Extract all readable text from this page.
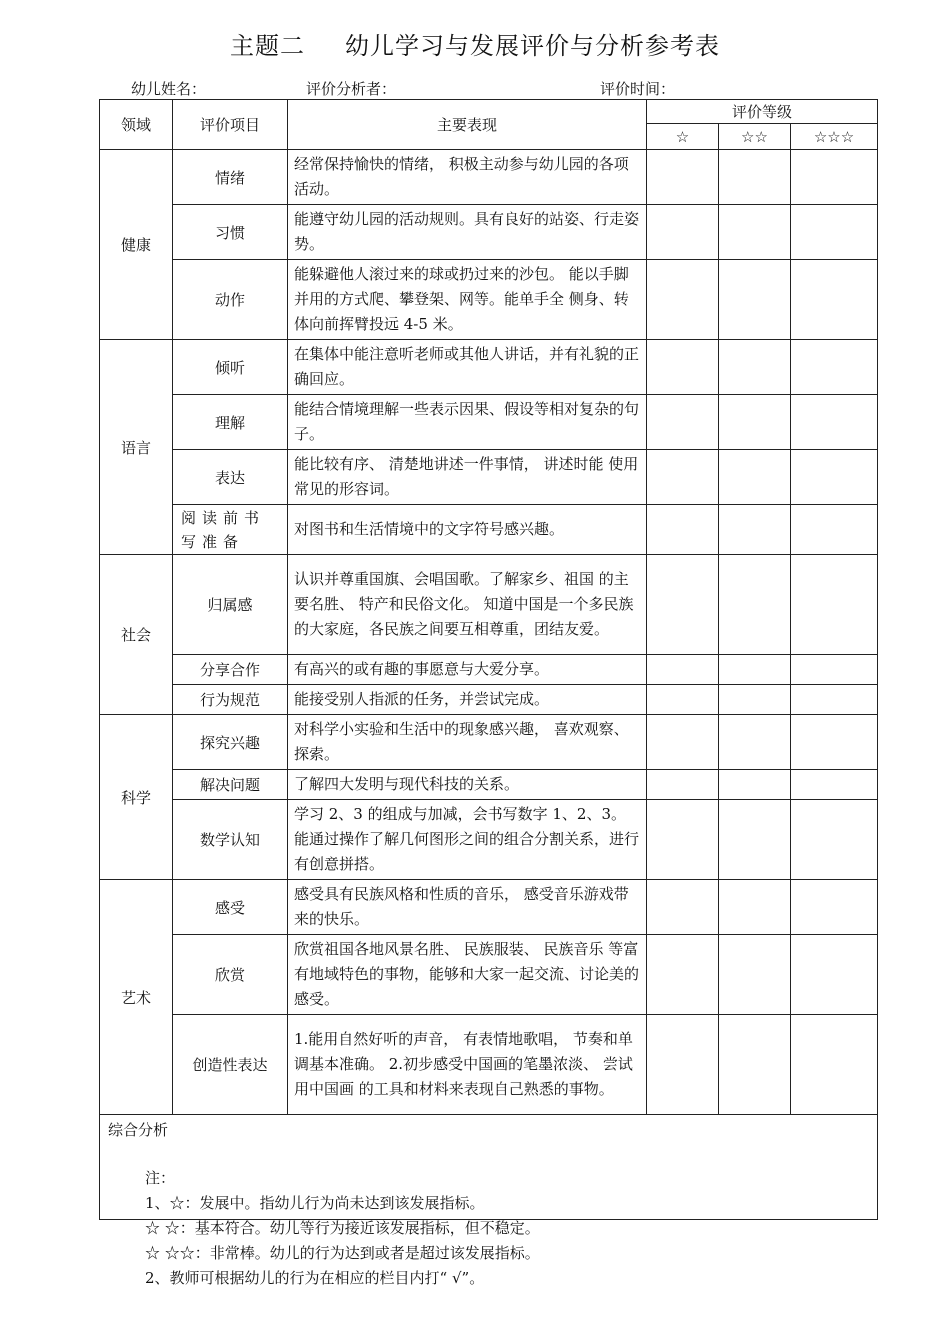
主题二 幼儿学习与发展评价与分析参考表
幼儿姓名：	评价分析者：	评价时间：
领域	评价项目	主要表现	评价等级		
			☆	☆☆	☆☆☆
健康	情绪	经常保持愉快的情绪， 积极主动参与幼儿园的各项活动。			
	习惯	能遵守幼儿园的活动规则。具有良好的站姿、行走姿势。			
	动作	能躲避他人滚过来的球或扔过来的沙包。 能以手脚并用的方式爬、攀登架、网等。能单手全 侧身、转体向前挥臂投远 4-5 米。			
语言	倾听	在集体中能注意听老师或其他人讲话，并有礼貌的正确回应。			
	理解	能结合情境理解一些表示因果、假设等相对复杂的句子。			
	表达	能比较有序、 清楚地讲述一件事情， 讲述时能 使用常见的形容词。			
	阅读前书写准备	对图书和生活情境中的文字符号感兴趣。			
社会	归属感	认识并尊重国旗、会唱国歌。了解家乡、祖国 的主要名胜、 特产和民俗文化。 知道中国是一个多民族的大家庭，各民族之间要互相尊重，团结友爱。			
	分享合作	有高兴的或有趣的事愿意与大爱分享。			
	行为规范	能接受别人指派的任务，并尝试完成。			
科学	探究兴趣	对科学小实验和生活中的现象感兴趣， 喜欢观察、探索。			
	解决问题	了解四大发明与现代科技的关系。			
	数学认知	学习 2、3 的组成与加减，会书写数字 1、2、3。能通过操作了解几何图形之间的组合分割关系，进行有创意拼搭。			
艺术	感受	感受具有民族风格和性质的音乐， 感受音乐游戏带来的快乐。			
	欣赏	欣赏祖国各地风景名胜、 民族服装、 民族音乐 等富有地域特色的事物，能够和大家一起交流、讨论美的感受。			
	创造性表达	1.能用自然好听的声音， 有表情地歌唱， 节奏和单调基本准确。 2.初步感受中国画的笔墨浓淡、 尝试用中国画 的工具和材料来表现自己熟悉的事物。			
综合分析					
注：
1、☆：发展中。指幼儿行为尚未达到该发展指标。
☆ ☆：基本符合。幼儿等行为接近该发展指标，但不稳定。
☆ ☆☆：非常棒。幼儿的行为达到或者是超过该发展指标。
2、教师可根据幼儿的行为在相应的栏目内打“ √”。
